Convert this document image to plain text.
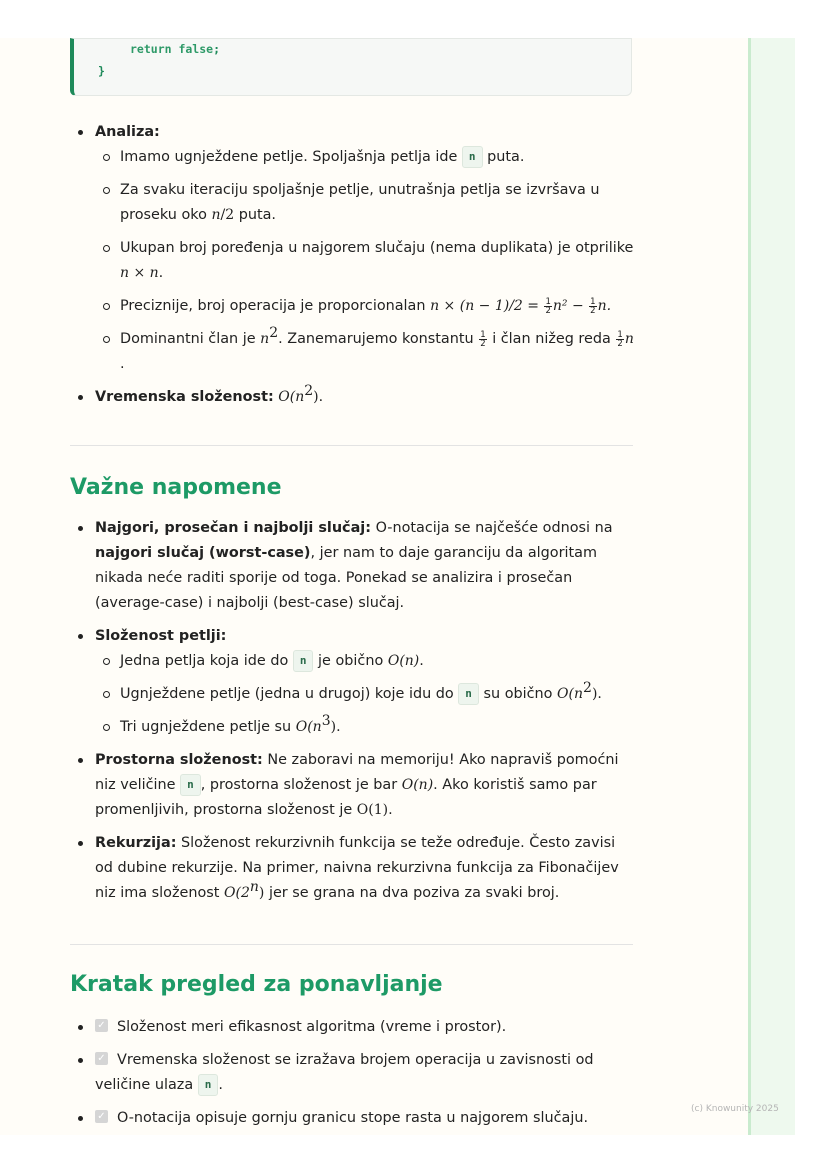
return false;
}
Analiza:
Imamo ugnježdene petlje. Spoljašnja petlja ide n puta.
Za svaku iteraciju spoljašnje petlje, unutrašnja petlja se izvršava u proseku oko n/2 puta.
Ukupan broj poređenja u najgorem slučaju (nema duplikata) je otprilike n × n.
Preciznije, broj operacija je proporcionalan $n \times (n - 1)/2 = \frac{1}{2} n^2 - \frac{1}{2} n$.
Dominantni član je $n^2$. Zanemarujemo konstantu $\frac{1}{2}$ i član nižeg reda $\frac{1}{2}$ n
.
Vremenska složenost: $O(n^2)$.
Važne napomene
Najgori, prosečan i najbolji slučaj: O-notacija se najčešće odnosi na najgori slučaj (worst-case), jer nam to daje garanciju da algoritam nikada neće raditi sporije od toga. Ponekad se analizira i prosečan (average-case) i najbolji (best-case) slučaj.
Složenost petlji:
Jedna petlja koja ide do n je obično O(n).
Ugnježdene petlje (jedna u drugoj) koje idu do n su obično $O(n^2)$.
Tri ugnježdene petlje su $O(n^3)$.
Prostorna složenost: Ne zaboravi na memoriju! Ako napraviš pomoćni niz veličine n , prostorna složenost je bar O(n). Ako koristiš samo par promenljivih, prostorna složenost je O(1).
Rekurzija: Složenost rekurzivnih funkcija se teže određuje. Često zavisi od dubine rekurzije. Na primer, naivna rekurzivna funkcija za Fibonačijev niz ima složenost O(2$^n$) jer se grana na dva poziva za svaki broj.
Kratak pregled za ponavljanje
✓ Složenost meri efikasnost algoritma (vreme i prostor).
✓ Vremenska složenost se izražava brojem operacija u zavisnosti od veličine ulaza n .
✓ O-notacija opisuje gornju granicu stope rasta u najgorem slučaju.
(c) Knowunity 2025
